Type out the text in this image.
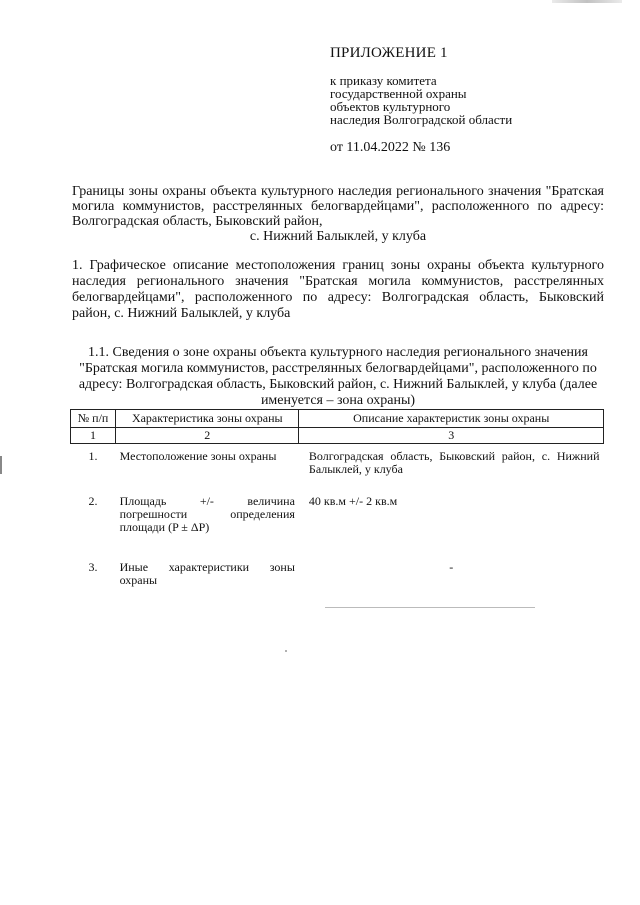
ПРИЛОЖЕНИЕ 1
к приказу комитета
государственной охраны
объектов культурного
наследия Волгоградской области
от 11.04.2022 № 136
Границы зоны охраны объекта культурного наследия регионального значения "Братская могила коммунистов, расстрелянных белогвардейцами", расположенного по адресу: Волгоградская область, Быковский район,
с. Нижний Балыклей, у клуба
1. Графическое описание местоположения границ зоны охраны объекта культурного наследия регионального значения "Братская могила коммунистов, расстрелянных белогвардейцами", расположенного по адресу: Волгоградская область, Быковский район, с. Нижний Балыклей, у клуба
1.1. Сведения о зоне охраны объекта культурного наследия регионального значения "Братская могила коммунистов, расстрелянных белогвардейцами", расположенного по адресу: Волгоградская область, Быковский район, с. Нижний Балыклей, у клуба (далее именуется – зона охраны)
№ п/п	Характеристика зоны охраны	Описание характеристик зоны охраны
1	2	3
1.	Местоположение зоны охраны	Волгоградская область, Быковский район, с. Нижний Балыклей, у клуба
2.	Площадь +/- величина погрешности определения площади (P ± ΔP)	40 кв.м +/- 2 кв.м
3.	Иные характеристики зоны охраны	-
